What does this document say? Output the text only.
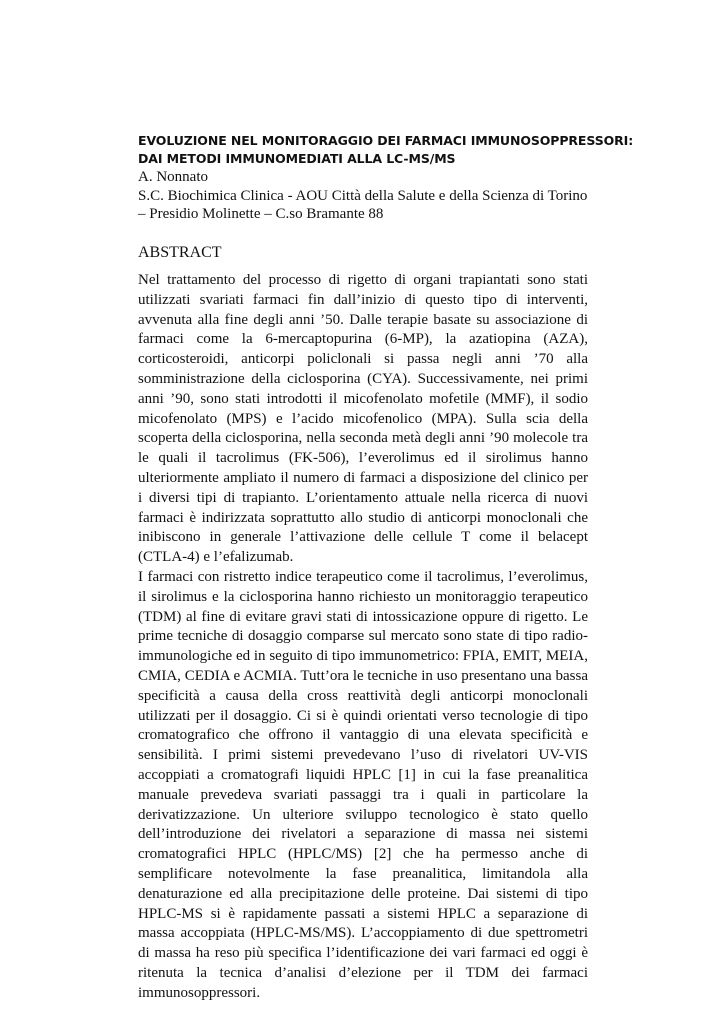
EVOLUZIONE NEL MONITORAGGIO DEI FARMACI IMMUNOSOPPRESSORI:
DAI METODI IMMUNOMEDIATI ALLA LC-MS/MS
A. Nonnato
S.C. Biochimica Clinica - AOU Città della Salute e della Scienza di Torino
– Presidio Molinette – C.so Bramante 88
ABSTRACT

Nel trattamento del processo di rigetto di organi trapiantati sono stati utilizzati svariati farmaci fin dall’inizio di questo tipo di interventi, avvenuta alla fine degli anni ’50. Dalle terapie basate su associazione di farmaci come la 6-mercaptopurina (6-MP), la azatiopina (AZA), corticosteroidi, anticorpi policlonali si passa negli anni ’70 alla somministrazione della ciclosporina (CYA). Successivamente, nei primi anni ’90, sono stati introdotti il micofenolato mofetile (MMF), il sodio micofenolato (MPS) e l’acido micofenolico (MPA). Sulla scia della scoperta della ciclosporina, nella seconda metà degli anni ’90 molecole tra le quali il tacrolimus (FK-506), l’everolimus ed il sirolimus hanno ulteriormente ampliato il numero di farmaci a disposizione del clinico per i diversi tipi di trapianto. L’orientamento attuale nella ricerca di nuovi farmaci è indirizzata soprattutto allo studio di anticorpi monoclonali che inibiscono in generale l’attivazione delle cellule T come il belacept (CTLA-4) e l’efalizumab.

I farmaci con ristretto indice terapeutico come il tacrolimus, l’everolimus, il sirolimus e la ciclosporina hanno richiesto un monitoraggio terapeutico (TDM) al fine di evitare gravi stati di intossicazione oppure di rigetto. Le prime tecniche di dosaggio comparse sul mercato sono state di tipo radio-immunologiche ed in seguito di tipo immunometrico: FPIA, EMIT, MEIA, CMIA, CEDIA e ACMIA. Tutt’ora le tecniche in uso presentano una bassa specificità a causa della cross reattività degli anticorpi monoclonali utilizzati per il dosaggio. Ci si è quindi orientati verso tecnologie di tipo cromatografico che offrono il vantaggio di una elevata specificità e sensibilità. I primi sistemi prevedevano l’uso di rivelatori UV-VIS accoppiati a cromatografi liquidi HPLC [1] in cui la fase preanalitica manuale prevedeva svariati passaggi tra i quali in particolare la derivatizzazione. Un ulteriore sviluppo tecnologico è stato quello dell’introduzione dei rivelatori a separazione di massa nei sistemi cromatografici HPLC (HPLC/MS) [2] che ha permesso anche di semplificare notevolmente la fase preanalitica, limitandola alla denaturazione ed alla precipitazione delle proteine. Dai sistemi di tipo HPLC-MS si è rapidamente passati a sistemi HPLC a separazione di massa accoppiata (HPLC-MS/MS). L’accoppiamento di due spettrometri di massa ha reso più specifica l’identificazione dei vari farmaci ed oggi è ritenuta la tecnica d’analisi d’elezione per il TDM dei farmaci immunosoppressori.
